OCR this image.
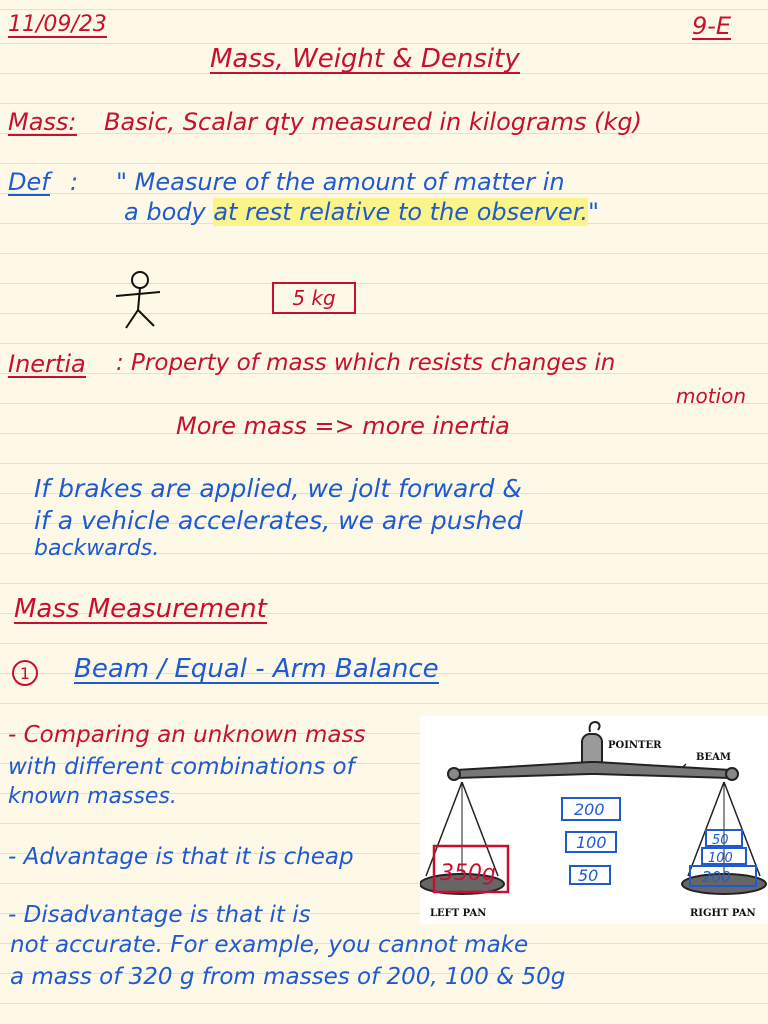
11/09/23	9-E
Mass, Weight & Density
Mass: Basic, Scalar qty measured in kilograms (kg)
Def : " Measure of the amount of matter in
a body at rest relative to the observer."
5 kg
Inertia : Property of mass which resists changes in
motion
More mass => more inertia
If brakes are applied, we jolt forward &
if a vehicle accelerates, we are pushed
backwards.
Mass Measurement
1 Beam / Equal - Arm Balance
- Comparing an unknown mass
with different combinations of
known masses.
- Advantage is that it is cheap
- Disadvantage is that it is
not accurate. For example, you cannot make
a mass of 320 g from masses of 200, 100 & 50g
POINTER
BEAM
LEFT PAN	RIGHT PAN
350g
200
100
50
50
100
200
